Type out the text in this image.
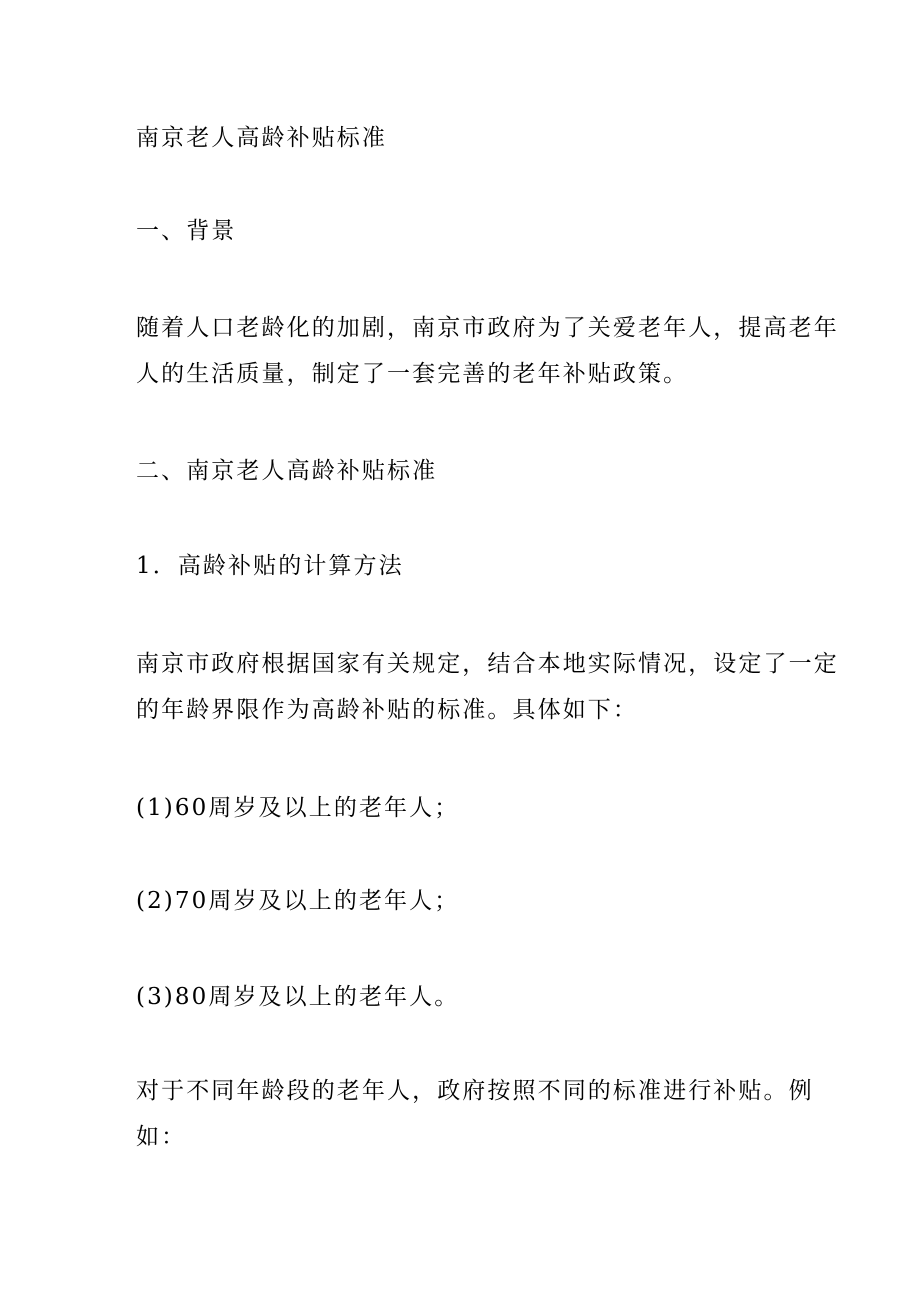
南京老人高龄补贴标准

一、背景

随着人口老龄化的加剧，南京市政府为了关爱老年人，提高老年
人的生活质量，制定了一套完善的老年补贴政策。

二、南京老人高龄补贴标准

1．高龄补贴的计算方法

南京市政府根据国家有关规定，结合本地实际情况，设定了一定
的年龄界限作为高龄补贴的标准。具体如下：

(1)60周岁及以上的老年人；

(2)70周岁及以上的老年人；

(3)80周岁及以上的老年人。

对于不同年龄段的老年人，政府按照不同的标准进行补贴。例
如：
